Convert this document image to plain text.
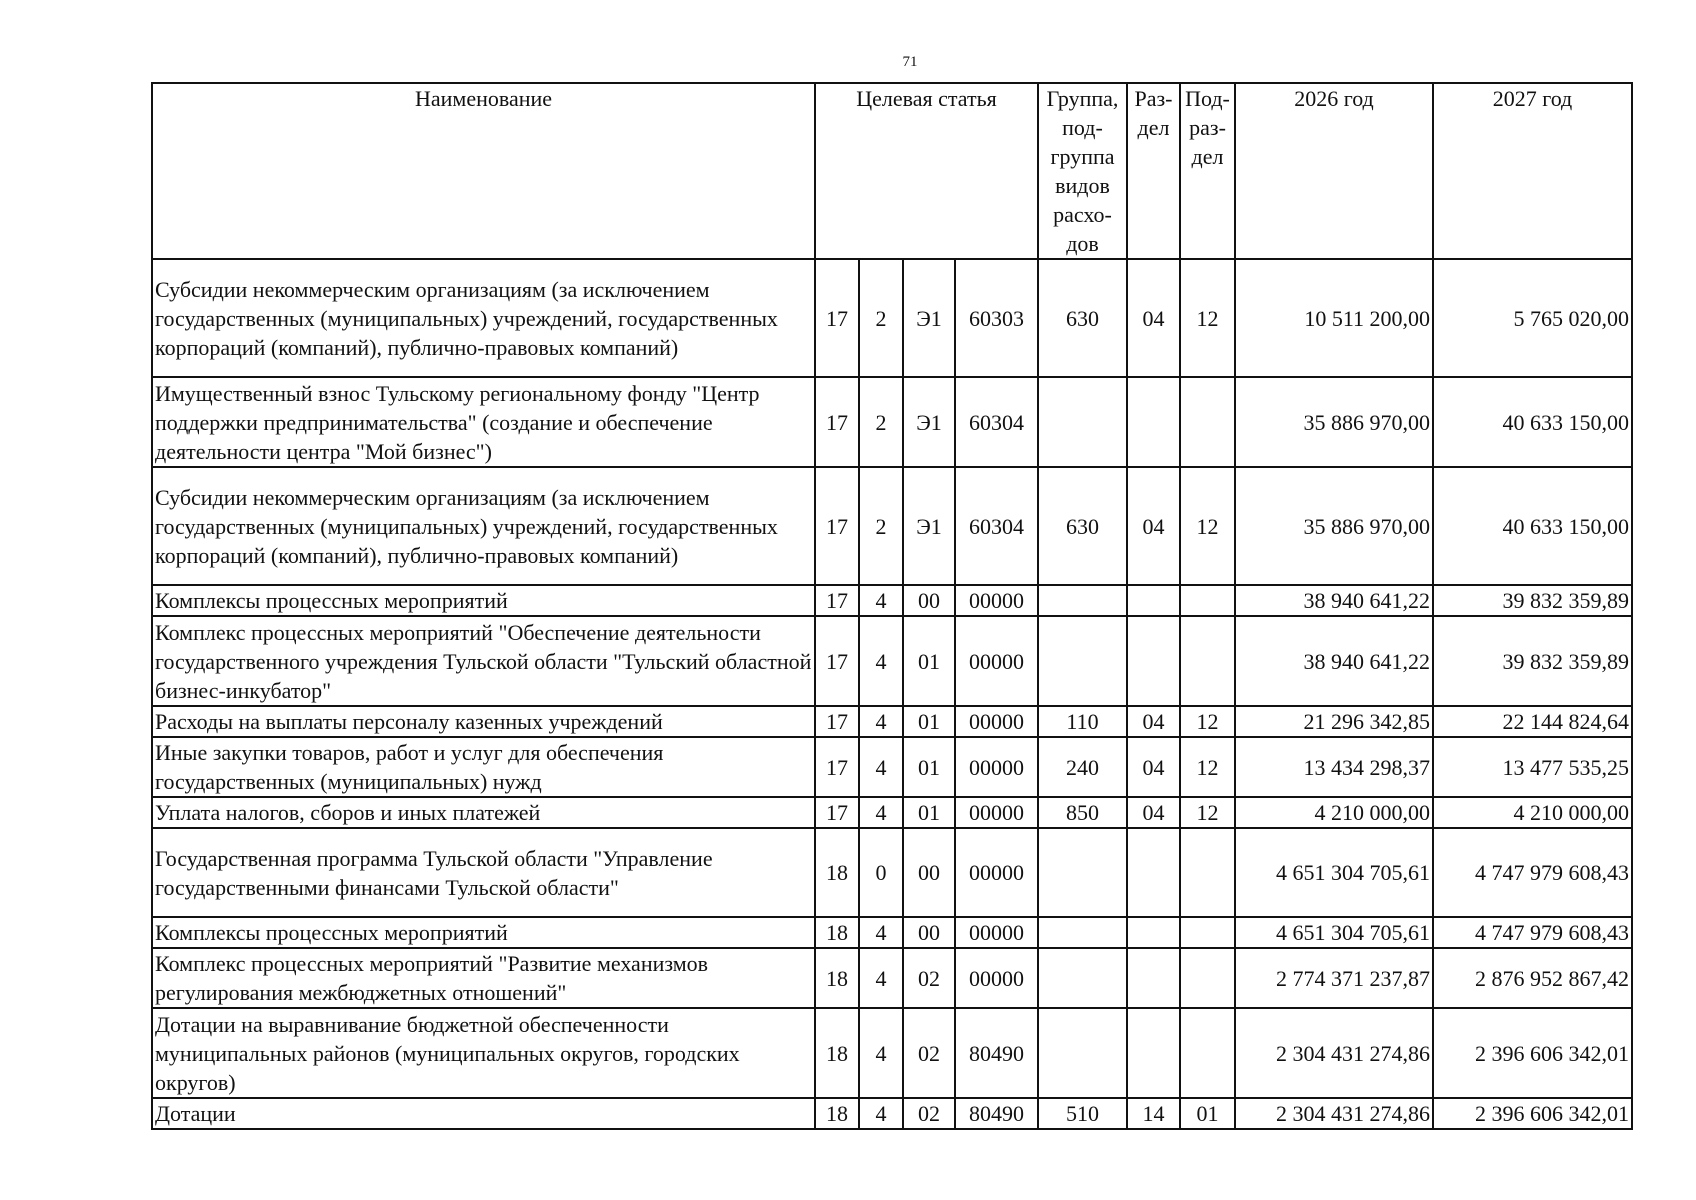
71
Наименование	Целевая статья				Группа, под-группа видов расхо-дов	Раз-дел	Под-раз-дел	2026 год	2027 год
Субсидии некоммерческим организациям (за исключением государственных (муниципальных) учреждений, государственных корпораций (компаний), публично-правовых компаний)	17	2	Э1	60303	630	04	12	10 511 200,00	5 765 020,00
Имущественный взнос Тульскому региональному фонду "Центр поддержки предпринимательства" (создание и обеспечение деятельности центра "Мой бизнес")	17	2	Э1	60304				35 886 970,00	40 633 150,00
Субсидии некоммерческим организациям (за исключением государственных (муниципальных) учреждений, государственных корпораций (компаний), публично-правовых компаний)	17	2	Э1	60304	630	04	12	35 886 970,00	40 633 150,00
Комплексы процессных мероприятий	17	4	00	00000				38 940 641,22	39 832 359,89
Комплекс процессных мероприятий "Обеспечение деятельности государственного учреждения Тульской области "Тульский областной бизнес-инкубатор"	17	4	01	00000				38 940 641,22	39 832 359,89
Расходы на выплаты персоналу казенных учреждений	17	4	01	00000	110	04	12	21 296 342,85	22 144 824,64
Иные закупки товаров, работ и услуг для обеспечения государственных (муниципальных) нужд	17	4	01	00000	240	04	12	13 434 298,37	13 477 535,25
Уплата налогов, сборов и иных платежей	17	4	01	00000	850	04	12	4 210 000,00	4 210 000,00
Государственная программа Тульской области "Управление государственными финансами Тульской области"	18	0	00	00000				4 651 304 705,61	4 747 979 608,43
Комплексы процессных мероприятий	18	4	00	00000				4 651 304 705,61	4 747 979 608,43
Комплекс процессных мероприятий "Развитие механизмов регулирования межбюджетных отношений"	18	4	02	00000				2 774 371 237,87	2 876 952 867,42
Дотации на выравнивание бюджетной обеспеченности муниципальных районов (муниципальных округов, городских округов)	18	4	02	80490				2 304 431 274,86	2 396 606 342,01
Дотации	18	4	02	80490	510	14	01	2 304 431 274,86	2 396 606 342,01
